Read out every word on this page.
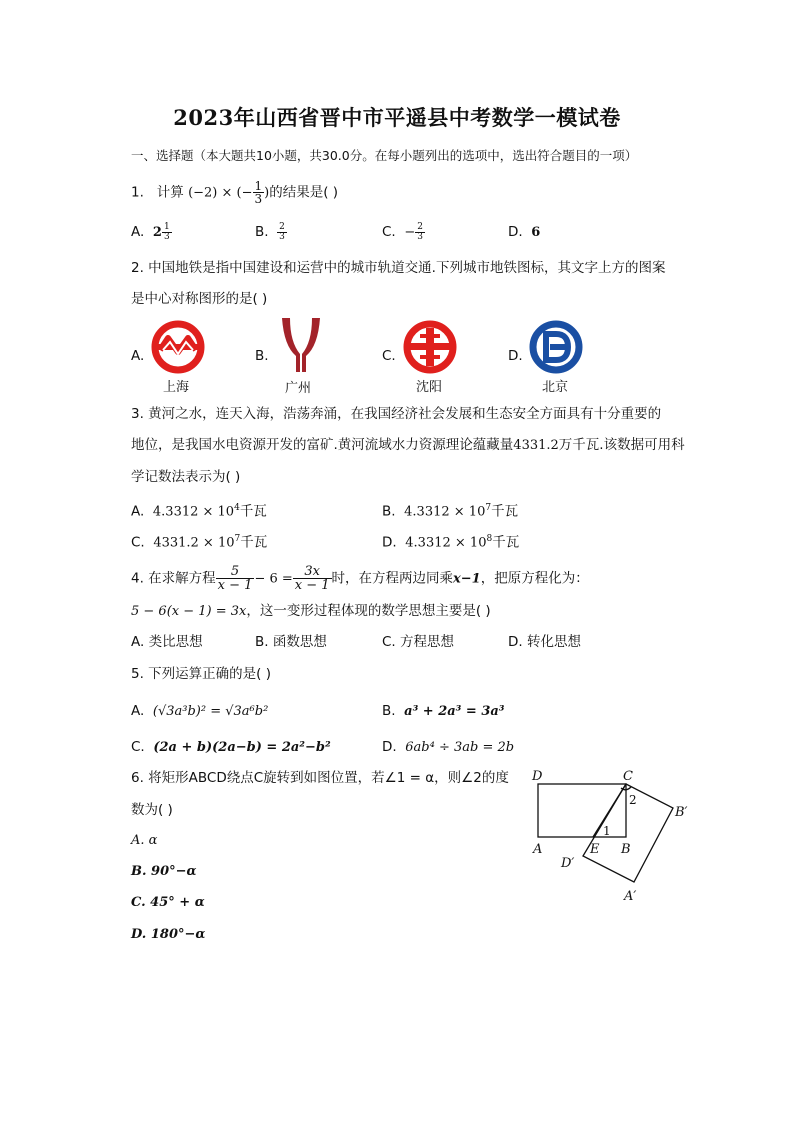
2023年山西省晋中市平遥县中考数学一模试卷
一、选择题（本大题共10小题，共30.0分。在每小题列出的选项中，选出符合题目的一项）
1. 计算 (−2) × (− $\frac{1}{3}$ )的结果是( )
A. $2 \frac{1}{3}$	B. $\frac{2}{3}$	C. − $\frac{2}{3}$	D. 6
2. 中国地铁是指中国建设和运营中的城市轨道交通.下列城市地铁图标，其文字上方的图案
是中心对称图形的是( )
A.
上海
B.
广州
C.
沈阳
D.
北京
3. 黄河之水，连天入海，浩荡奔涌，在我国经济社会发展和生态安全方面具有十分重要的
地位，是我国水电资源开发的富矿.黄河流域水力资源理论蕴藏量4331.2万千瓦.该数据可用科
学记数法表示为( )
A. $4.3312 \times 10^4$千瓦	B. $4.3312 \times 10^7$千瓦
C. $4331.2 \times 10^7$千瓦	D. $4.3312 \times 10^8$千瓦
4. 在求解方程 $\frac{5}{x - 1} - 6 = \frac{3x}{x - 1}$ 时，在方程两边同乘x−1，把原方程化为：
5 − 6(x − 1) = 3x，这一变形过程体现的数学思想主要是( )
A. 类比思想	B. 函数思想	C. 方程思想	D. 转化思想
5. 下列运算正确的是( )
A. (√3a³b)² = √3a⁶b²	B. a³ + 2a³ = 3a³
C. (2a + b)(2a−b) = 2a²−b²	D. 6ab⁴ ÷ 3ab = 2b
6. 将矩形ABCD绕点C旋转到如图位置，若∠1 = α，则∠2的度
数为( )
A. α
B. 90°−α
C. 45° + α
D. 180°−α
D	C
B′
A	E B
D′
A′
1
2
